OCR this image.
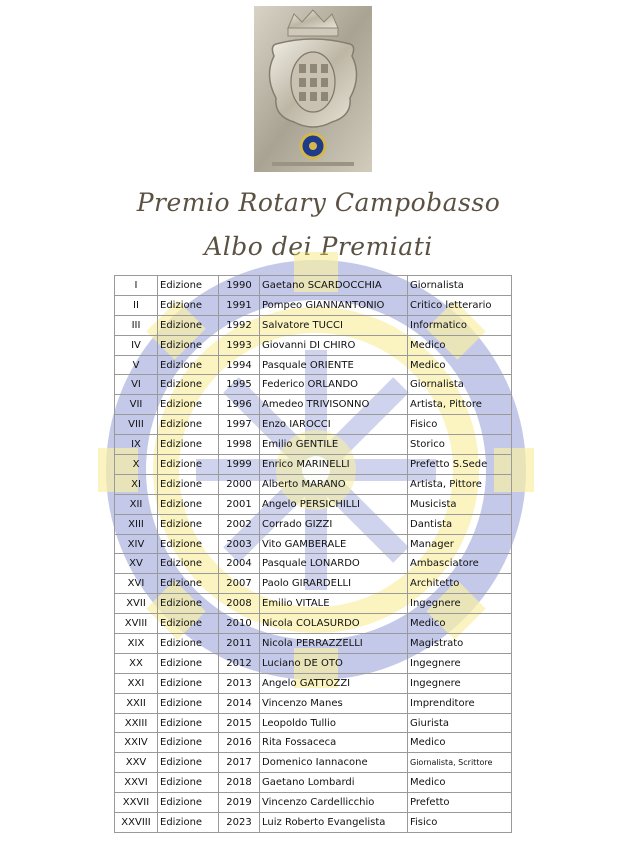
Premio Rotary Campobasso
Albo dei Premiati
I	Edizione	1990	Gaetano SCARDOCCHIA	Giornalista
II	Edizione	1991	Pompeo GIANNANTONIO	Critico letterario
III	Edizione	1992	Salvatore TUCCI	Informatico
IV	Edizione	1993	Giovanni DI CHIRO	Medico
V	Edizione	1994	Pasquale ORIENTE	Medico
VI	Edizione	1995	Federico ORLANDO	Giornalista
VII	Edizione	1996	Amedeo TRIVISONNO	Artista, Pittore
VIII	Edizione	1997	Enzo IAROCCI	Fisico
IX	Edizione	1998	Emilio GENTILE	Storico
X	Edizione	1999	Enrico MARINELLI	Prefetto S.Sede
XI	Edizione	2000	Alberto MARANO	Artista, Pittore
XII	Edizione	2001	Angelo PERSICHILLI	Musicista
XIII	Edizione	2002	Corrado GIZZI	Dantista
XIV	Edizione	2003	Vito GAMBERALE	Manager
XV	Edizione	2004	Pasquale LONARDO	Ambasciatore
XVI	Edizione	2007	Paolo GIRARDELLI	Architetto
XVII	Edizione	2008	Emilio VITALE	Ingegnere
XVIII	Edizione	2010	Nicola COLASURDO	Medico
XIX	Edizione	2011	Nicola PERRAZZELLI	Magistrato
XX	Edizione	2012	Luciano DE OTO	Ingegnere
XXI	Edizione	2013	Angelo GATTOZZI	Ingegnere
XXII	Edizione	2014	Vincenzo Manes	Imprenditore
XXIII	Edizione	2015	Leopoldo Tullio	Giurista
XXIV	Edizione	2016	Rita Fossaceca	Medico
XXV	Edizione	2017	Domenico Iannacone	Giornalista, Scrittore
XXVI	Edizione	2018	Gaetano Lombardi	Medico
XXVII	Edizione	2019	Vincenzo Cardellicchio	Prefetto
XXVIII	Edizione	2023	Luiz Roberto Evangelista	Fisico
